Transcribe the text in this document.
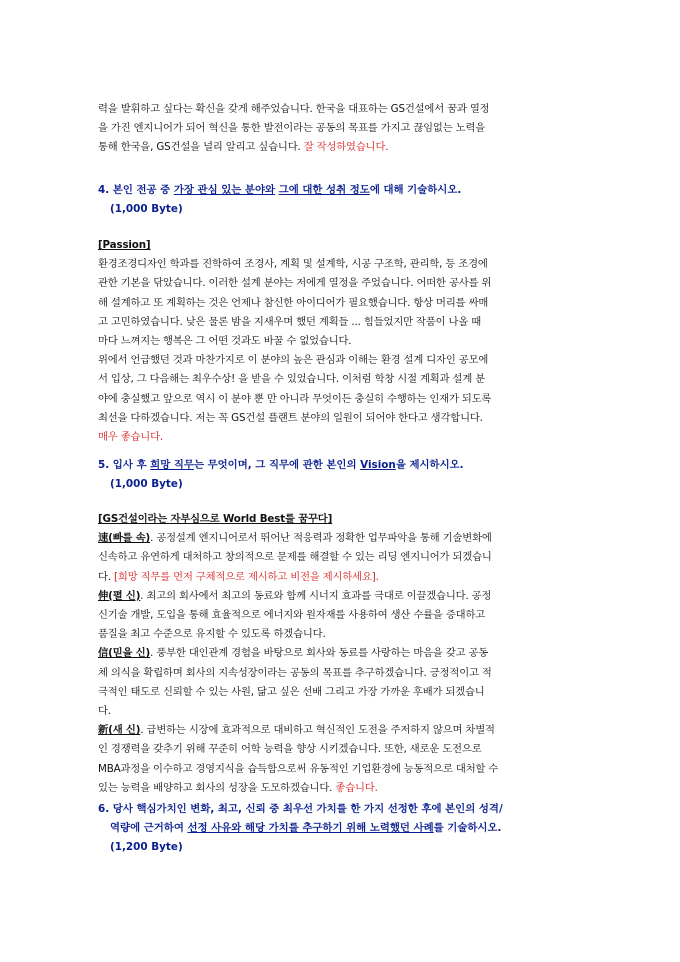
력을 발휘하고 싶다는 확신을 갖게 해주었습니다. 한국을 대표하는 GS건설에서 꿈과 열정
을 가진 엔지니어가 되어 혁신을 통한 발전이라는 공동의 목표를 가지고 끊임없는 노력을
통해 한국을, GS건설을 널리 알리고 싶습니다. 잘 작성하였습니다.
4. 본인 전공 중 가장 관심 있는 분야와 그에 대한 성취 정도에 대해 기술하시오.
(1,000 Byte)
[Passion]
환경조경디자인 학과를 진학하여 조경사, 계획 및 설계학, 시공 구조학, 관리학, 등 조경에
관한 기본을 닦았습니다. 이러한 설계 분야는 저에게 열정을 주었습니다. 어떠한 공사를 위
해 설계하고 또 계획하는 것은 언제나 참신한 아이디어가 필요했습니다. 항상 머리를 싸매
고 고민하였습니다. 낮은 물론 밤을 지새우며 했던 계획들 ... 힘들었지만 작품이 나올 때
마다 느껴지는 행복은 그 어떤 것과도 바꿀 수 없었습니다.
위에서 언급했던 것과 마찬가지로 이 분야의 높은 관심과 이해는 환경 설계 디자인 공모에
서 입상, 그 다음해는 최우수상! 을 받을 수 있었습니다. 이처럼 학창 시절 계획과 설계 분
야에 충실했고 앞으로 역시 이 분야 뿐 만 아니라 무엇이든 충실히 수행하는 인재가 되도록
최선을 다하겠습니다. 저는 꼭 GS건설 플랜트 분야의 일원이 되어야 한다고 생각합니다.
매우 좋습니다.
5. 입사 후 희망 직무는 무엇이며, 그 직무에 관한 본인의 Vision을 제시하시오.
(1,000 Byte)
[GS건설이라는 자부심으로 World Best를 꿈꾸다]
速(빠를 속). 공정설계 엔지니어로서 뛰어난 적응력과 정확한 업무파악을 통해 기술변화에
신속하고 유연하게 대처하고 창의적으로 문제를 해결할 수 있는 리딩 엔지니어가 되겠습니
다. [희망 직무를 먼저 구체적으로 제시하고 비전을 제시하세요].
伸(펼 신). 최고의 회사에서 최고의 동료와 함께 시너지 효과를 극대로 이끌겠습니다. 공정
신기술 개발, 도입을 통해 효율적으로 에너지와 원자재를 사용하여 생산 수률을 증대하고
품질을 최고 수준으로 유지할 수 있도록 하겠습니다.
信(믿을 신). 풍부한 대인관계 경험을 바탕으로 회사와 동료를 사랑하는 마음을 갖고 공동
체 의식을 확립하며 회사의 지속성장이라는 공동의 목표를 추구하겠습니다. 긍정적이고 적
극적인 태도로 신뢰할 수 있는 사원, 닮고 싶은 선배 그리고 가장 가까운 후배가 되겠습니
다.
新(새 신). 급변하는 시장에 효과적으로 대비하고 혁신적인 도전을 주저하지 않으며 차별적
인 경쟁력을 갖추기 위해 꾸준히 어학 능력을 향상 시키겠습니다. 또한, 새로운 도전으로
MBA과정을 이수하고 경영지식을 습득함으로써 유동적인 기업환경에 능동적으로 대처할 수
있는 능력을 배양하고 회사의 성장을 도모하겠습니다. 좋습니다.
6. 당사 핵심가치인 변화, 최고, 신뢰 중 최우선 가치를 한 가지 선정한 후에 본인의 성격/
역량에 근거하여 선정 사유와 해당 가치를 추구하기 위해 노력했던 사례를 기술하시오.
(1,200 Byte)
